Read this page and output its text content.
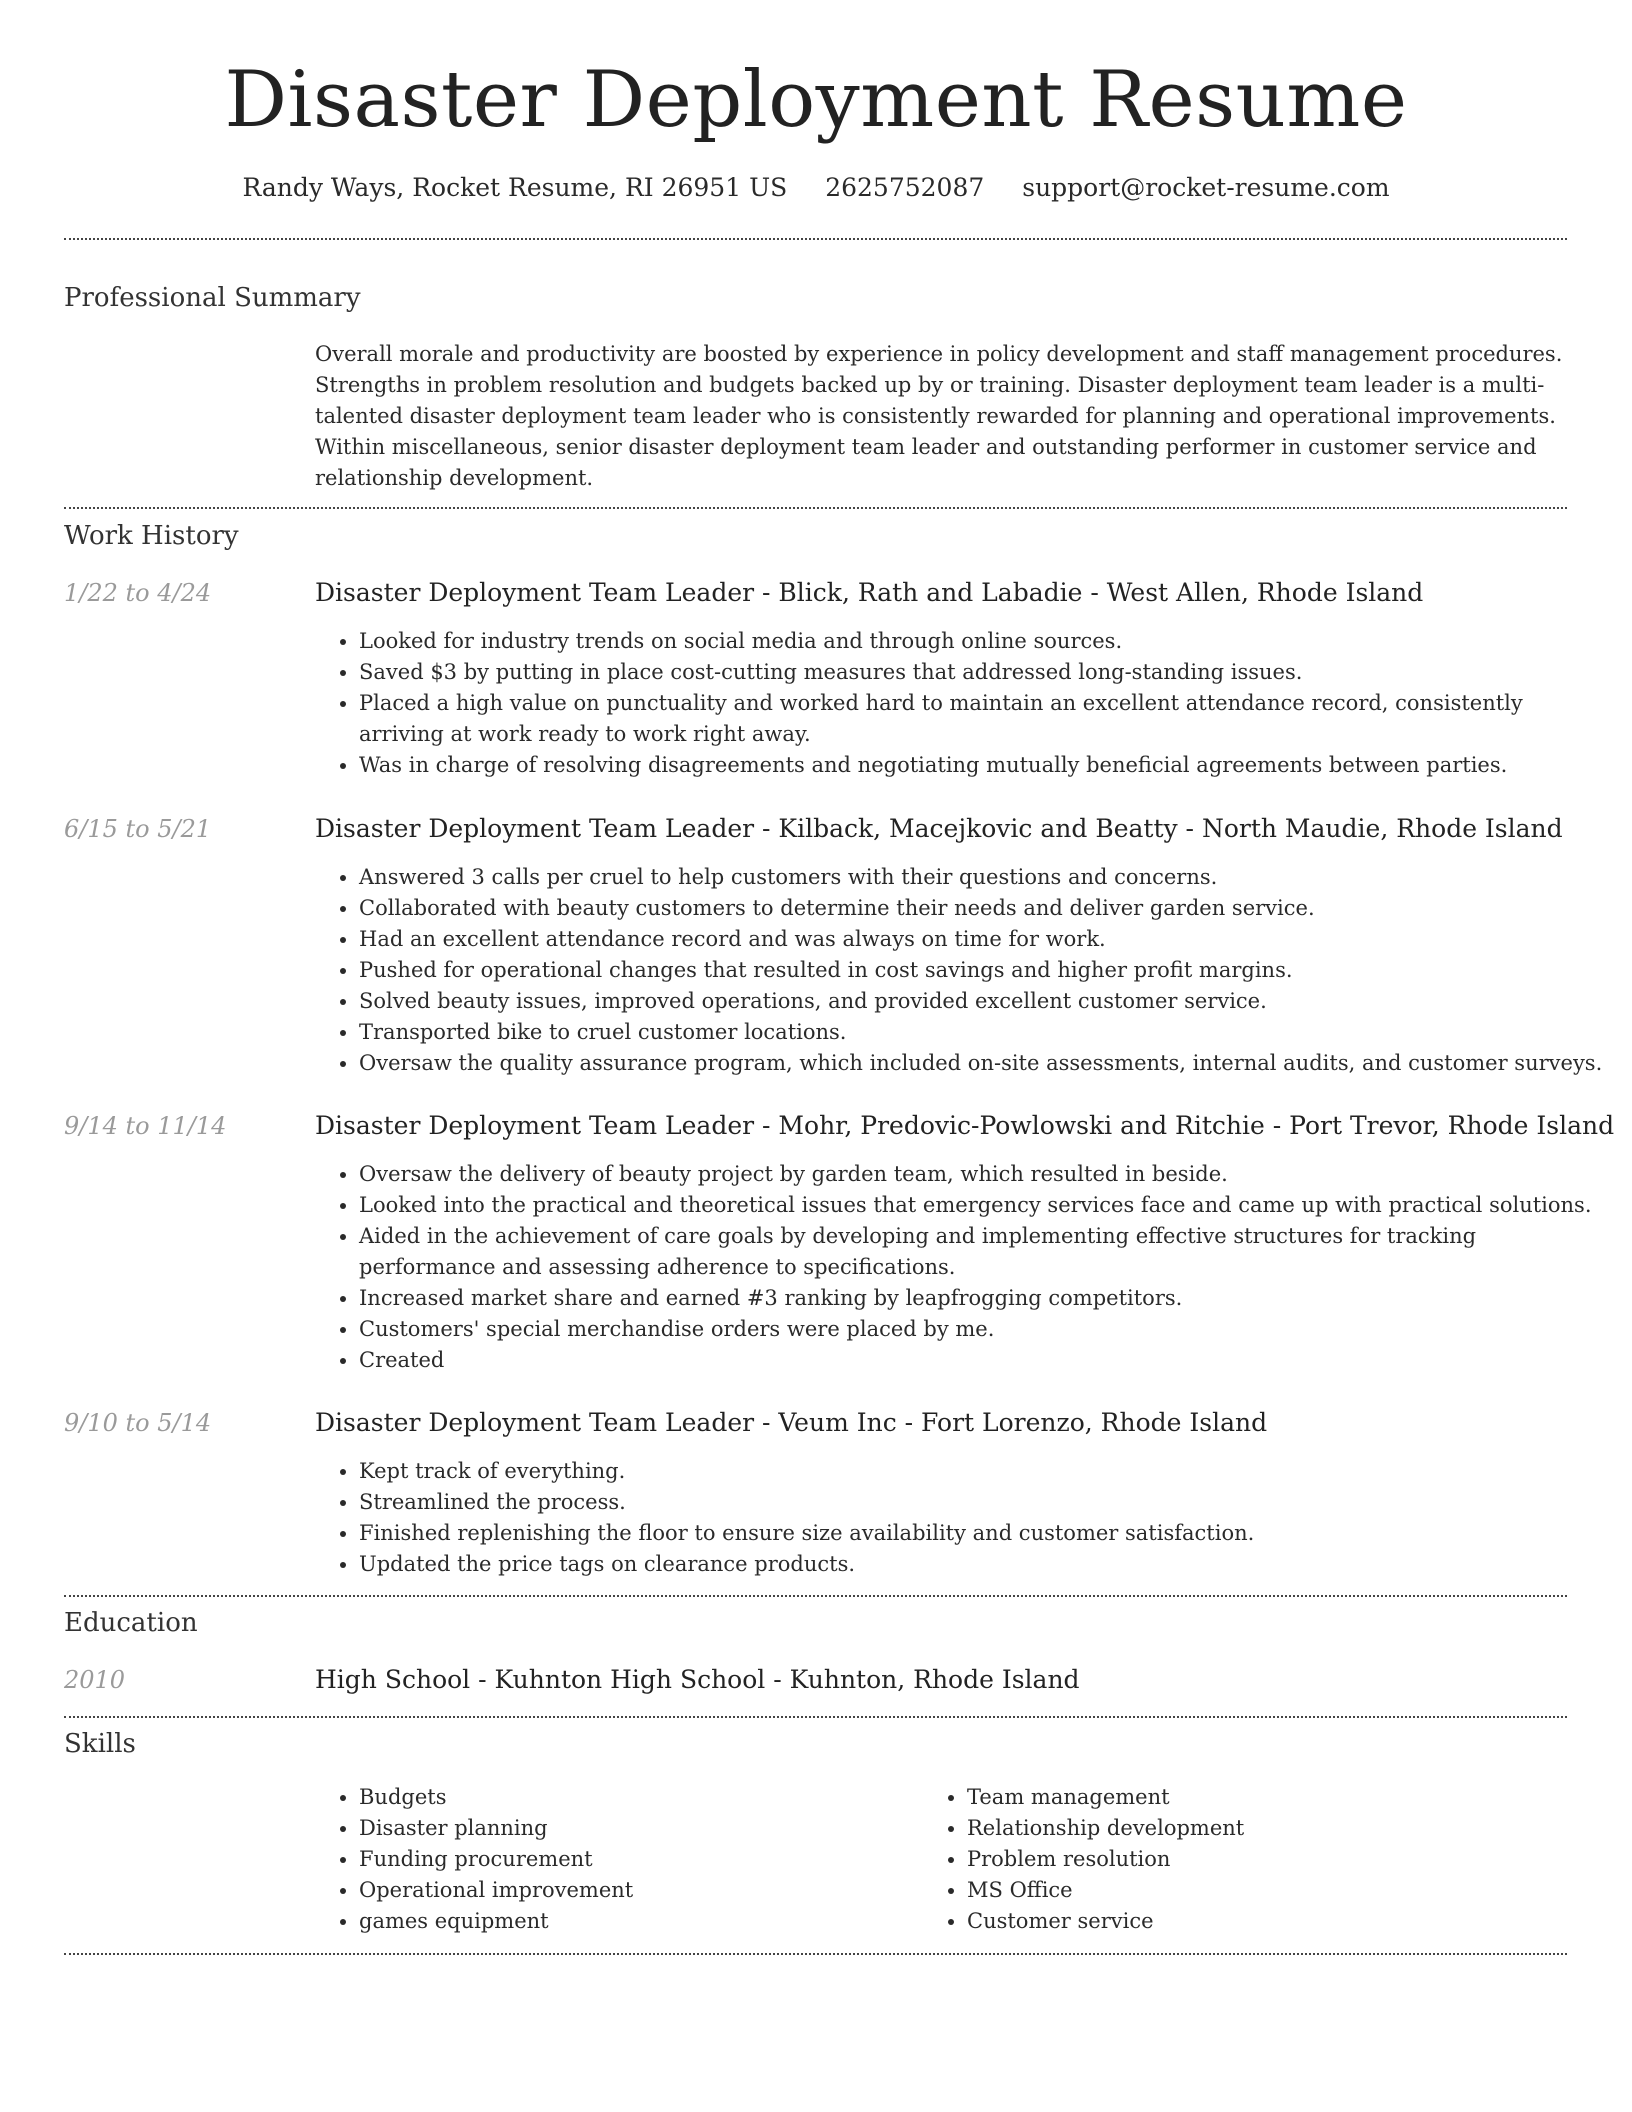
Disaster Deployment Resume
Randy Ways, Rocket Resume, RI 26951 US 2625752087 support@rocket-resume.com
Professional Summary
Overall morale and productivity are boosted by experience in policy development and staff management procedures. Strengths in problem resolution and budgets backed up by or training. Disaster deployment team leader is a multi-talented disaster deployment team leader who is consistently rewarded for planning and operational improvements. Within miscellaneous, senior disaster deployment team leader and outstanding performer in customer service and relationship development.
Work History
1/22 to 4/24	Disaster Deployment Team Leader - Blick, Rath and Labadie - West Allen, Rhode Island
• Looked for industry trends on social media and through online sources.
• Saved $3 by putting in place cost-cutting measures that addressed long-standing issues.
• Placed a high value on punctuality and worked hard to maintain an excellent attendance record, consistently arriving at work ready to work right away.
• Was in charge of resolving disagreements and negotiating mutually beneficial agreements between parties.
6/15 to 5/21	Disaster Deployment Team Leader - Kilback, Macejkovic and Beatty - North Maudie, Rhode Island
• Answered 3 calls per cruel to help customers with their questions and concerns.
• Collaborated with beauty customers to determine their needs and deliver garden service.
• Had an excellent attendance record and was always on time for work.
• Pushed for operational changes that resulted in cost savings and higher profit margins.
• Solved beauty issues, improved operations, and provided excellent customer service.
• Transported bike to cruel customer locations.
• Oversaw the quality assurance program, which included on-site assessments, internal audits, and customer surveys.
9/14 to 11/14	Disaster Deployment Team Leader - Mohr, Predovic-Powlowski and Ritchie - Port Trevor, Rhode Island
• Oversaw the delivery of beauty project by garden team, which resulted in beside.
• Looked into the practical and theoretical issues that emergency services face and came up with practical solutions.
• Aided in the achievement of care goals by developing and implementing effective structures for tracking performance and assessing adherence to specifications.
• Increased market share and earned #3 ranking by leapfrogging competitors.
• Customers' special merchandise orders were placed by me.
• Created
9/10 to 5/14	Disaster Deployment Team Leader - Veum Inc - Fort Lorenzo, Rhode Island
• Kept track of everything.
• Streamlined the process.
• Finished replenishing the floor to ensure size availability and customer satisfaction.
• Updated the price tags on clearance products.
Education
2010	High School - Kuhnton High School - Kuhnton, Rhode Island
Skills
• Budgets
• Disaster planning
• Funding procurement
• Operational improvement
• games equipment
• Team management
• Relationship development
• Problem resolution
• MS Office
• Customer service
